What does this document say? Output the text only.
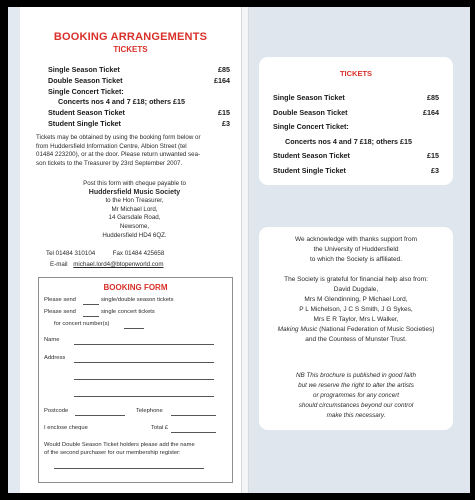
BOOKING ARRANGEMENTS
TICKETS
Single Season Ticket	£85
Double Season Ticket	£164
Single Concert Ticket:
Concerts nos 4 and 7 £18; others £15
Student Season Ticket	£15
Student Single Ticket	£3
Tickets may be obtained by using the booking form below or
from Huddersfield Information Centre, Albion Street (tel
01484 223200), or at the door. Please return unwanted sea-
son tickets to the Treasurer by 23rd September 2007.
Post this form with cheque payable to
Huddersfield Music Society
to the Hon Treasurer,
Mr Michael Lord,
14 Garsdale Road,
Newsome,
Huddersfield HD4 6QZ.
Tel 01484 310104	Fax 01484 425658
E-mail michael.lord4@btopenworld.com
BOOKING FORM
Please send	single/double season tickets
Please send	single concert tickets
for concert number(s)
Name
Address
Postcode	Telephone
I enclose cheque	Total £
Would Double Season Ticket holders please add the name
of the second purchaser for our membership register:
TICKETS
Single Season Ticket	£85
Double Season Ticket	£164
Single Concert Ticket:
Concerts nos 4 and 7 £18; others £15
Student Season Ticket	£15
Student Single Ticket	£3
We acknowledge with thanks support from
the University of Huddersfield
to which the Society is affiliated.
The Society is grateful for financial help also from:
David Dugdale,
Mrs M Glendinning, P Michael Lord,
P L Michelson, J C S Smith, J G Sykes,
Mrs E R Taylor, Mrs L Walker,
Making Music (National Federation of Music Societies)
and the Countess of Munster Trust.
NB This brochure is published in good faith
but we reserve the right to alter the artists
or programmes for any concert
should circumstances beyond our control
make this necessary.
